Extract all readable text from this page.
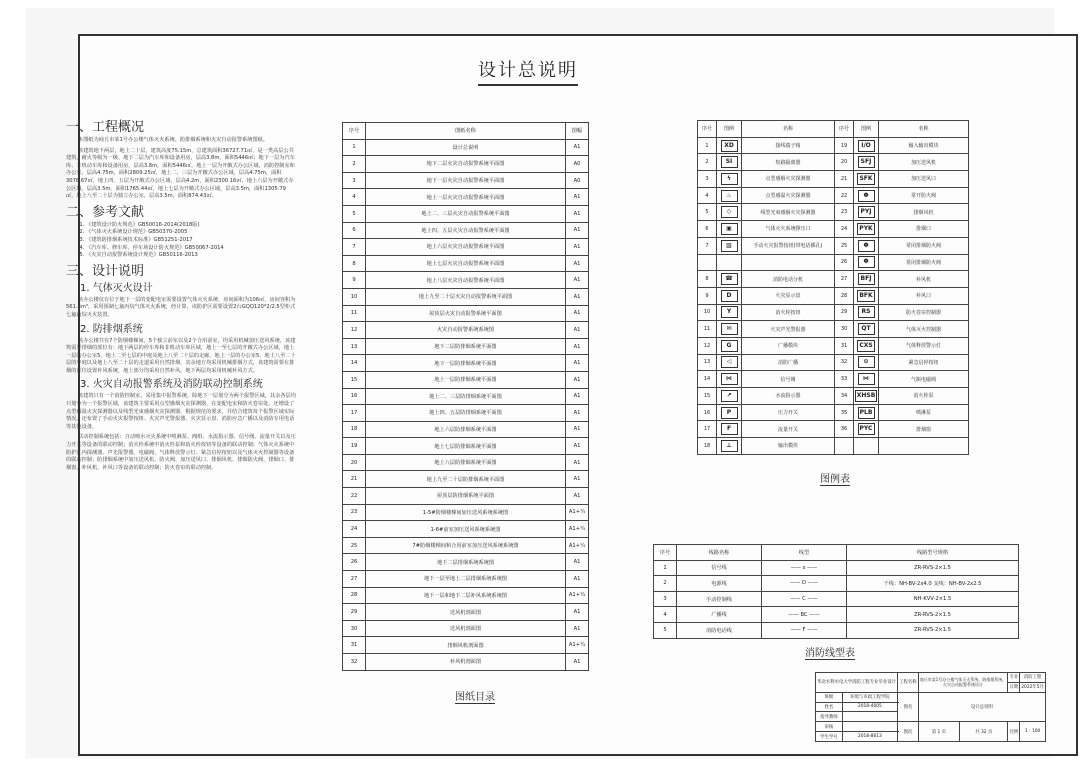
设计总说明
一、工程概况

本图纸为商丘市某1号办公楼气体灭火系统、防排烟系统和火灾自动报警系统图纸。

该建筑地下两层，地上二十层，建筑高度75.15m，总建筑面积36727.71㎡，是一类高层公共建筑，耐火等级为一级。地下二层为汽车库和设备用房，层高3.8m，面积5446㎡；地下一层为汽车库、非机动车库和设备用房，层高3.8m，面积5446㎡。地上一层为开敞式办公区域，消防控制室和办公室，层高4.75m，面积2809.25㎡，地上二、三层为开敞式办公区域，层高4.75m，面积3078.67㎡，地上四、五层为开敞式办公区域，层高4.2m，面积2300.16㎡，地上六层为开敞式办公区域，层高3.5m，面积1765.44㎡，地上七层为开敞式办公区域，层高3.5m，面积1305.79㎡，地上八至二十层为独立办公室，层高3.5m，面积874.43㎡。

二、参考文献
1. 《建筑设计防火规范》GB50016-2014(2018版)
2. 《气体灭火系统设计规范》GB50370-2005
3. 《建筑防排烟系统技术标准》GB51251-2017
4. 《汽车库、修车库、停车场设计防火规范》GB50067-2014
5. 《火灾自动报警系统设计规范》GB50116-2013
三、设计说明
1. 气体灭火设计

该办公楼仅有位于地下一层的变配电室需要设置气体灭火系统，房间面积为106㎡，房间容积为561.8m³，采用预制七氟丙烷气体灭火系统，经计算，该防护区需要设置2台GQQ120*2/2.5型柜式七氟丙烷灭火装置。

2. 防排烟系统

该办公楼共有7个防烟楼梯间，5个独立前室以及2个合用前室，均采用机械加压送风系统，该建筑需要排烟的部位有：地下两层的停车库和非机动车库区域，地上一至七层的开敞式办公区域，地上一层的办公室5，地上二至七层的中庭及地上八至二十层的走廊，地上一层的办公室5、地上八至二十层的中庭以及地上八至二十层的走道采用自然排烟，其余地方均采用机械排烟方式，该建筑需要在排烟的部位设置补风系统，地上部分均采用自然补风，地下两层均采用机械补风方式。

3. 火灾自动报警系统及消防联动控制系统

该建筑只有一个消防控制室，采用集中报警系统，除地下一层划分为两个报警区域，其余各层均只划分为一个报警区域，该建筑主要采用点型感烟火灾探测器，在变配电室和防火卷帘处，还增设了点型感温火灾探测器以及线型光束感烟火灾探测器，根据规范的要求，并结合建筑每个报警区域实际情况，还布置了手动火灾报警按钮、火灾声光警报器、火灾显示盘、消防应急广播以及消防专用电话等其他设备。

联动控制系统包括：自动喷水灭火系统中喷淋泵、阀组、水流指示器、信号阀、流量开关以及压力开关等设备的联动控制；消火栓系统中消火栓泵和消火栓按钮等设备的联动控制；气体灭火系统中防护区内探测器、声光报警器、电磁阀、气体释放警示灯、紧急启停按钮以及气体灭火控制器等设备的联动控制；防排烟系统中加压送风机、防火阀、加压送风口、排烟风机、排烟防火阀、排烟口、排烟窗、补风机、补风口等设备的联动控制；防火卷帘的联动控制。

序号	图纸名称	图幅
1	设计总说明	A1
2	地下二层火灾自动报警系统平面图	A0
3	地下一层火灾自动报警系统平面图	A0
4	地上一层火灾自动报警系统平面图	A1
5	地上二、三层火灾自动报警系统平面图	A1
6	地上四、五层火灾自动报警系统平面图	A1
7	地上六层火灾自动报警系统平面图	A1
8	地上七层火灾自动报警系统平面图	A1
9	地上八层火灾自动报警系统平面图	A1
10	地上九至二十层火灾自动报警系统平面图	A1
11	屋顶层火灾自动报警系统平面图	A1
12	火灾自动报警系统系统图	A1
13	地下二层防排烟系统平面图	A1
14	地下一层防排烟系统平面图	A1
15	地上一层防排烟系统平面图	A1
16	地上二、三层防排烟系统平面图	A1
17	地上四、五层防排烟系统平面图	A1
18	地上六层防排烟系统平面图	A1
19	地上七层防排烟系统平面图	A1
20	地上八层防排烟系统平面图	A1
21	地上九至二十层防排烟系统平面图	A1
22	屋顶层防排烟系统平面图	A1
23	1-5#防烟楼梯间加压送风系统系统图	A1+¼
24	1-6#前室加压送风系统系统图	A1+¼
25	7#防烟楼梯间和合用前室加压送风系统系统图	A1+¼
26	地下二层排烟系统系统图	A1
27	地下一层至地上二层排烟系统系统图	A1
28	地下一层和地下二层补风系统系统图	A1+¼
29	送风机剖面图	A1
30	送风机剖面图	A1
31	排烟风机剖面图	A1+¼
32	补风机剖面图	A1
图纸目录
序号	图例	名称	序号	图例	名称
1	XD	接线端子箱	19	I/O	输入输出模块
2	SI	短路隔离器	20	SFJ	加压送风机
3	ϟ	点型感烟火灾探测器	21	SFK	加压送风口
4	♨	点型感温火灾探测器	22	Φ	常开防火阀
5	◇	线型光束感烟火灾探测器	23	PYJ	排烟风机
6	▣	气体灭火系统撑压口	24	PYK	排烟口
7	▨	手动火灾报警按钮(带电话插孔)	25	Φ	常闭排烟防火阀
			26	Φ	常闭排烟防火阀
8	☎	消防电话分机	27	BFJ	补风机
9	D	火灾显示盘	28	BFK	补风口
10	Y	消火栓按钮	29	RS	防火卷帘控制器
11	✉	火灾声光警报器	30	QT	气体灭火控制器
12	G	广播模块	31	CXS	气体释放警示灯
13	◁	消防广播	32	⊙	紧急启停按钮
14	⋈	信号阀	33	⋈	气瓶电磁阀
15	↗	水流指示器	34	XHSB	消火栓泵
16	P	压力开关	35	PLB	喷淋泵
17	F	流量开关	36	PYC	排烟窗
18	⊥	输出模块			
图例表
序号	线路名称	线型	线路型号规格
1	信号线	—— s ——	ZR-RVS-2×1.5
2	电源线	—— D ——	干线：NH-BV-2x4.0 支线：NH-BV-2x2.5
3	手动控制线	—— C ——	NH-KVV-2×1.5
4	广播线	—— BC ——	ZR-RVS-2×1.5
5	消防电话线	—— F ——	ZR-RVS-2×1.5
消防线型表
华北水利水电大学消防工程专业毕业设计		工程名称	商丘市某1号办公楼气体灭火系统、防排烟系统、火灾自动报警系统设计		专业	消防工程
					日期	2022年5月
班级	环境与市政工程学院	图名	设计总说明			
姓名	2018-4005					
指导教师						
审核		图次	第 1 页	共 32 页	比例	1 : 100
学生学号	2018-8613					
